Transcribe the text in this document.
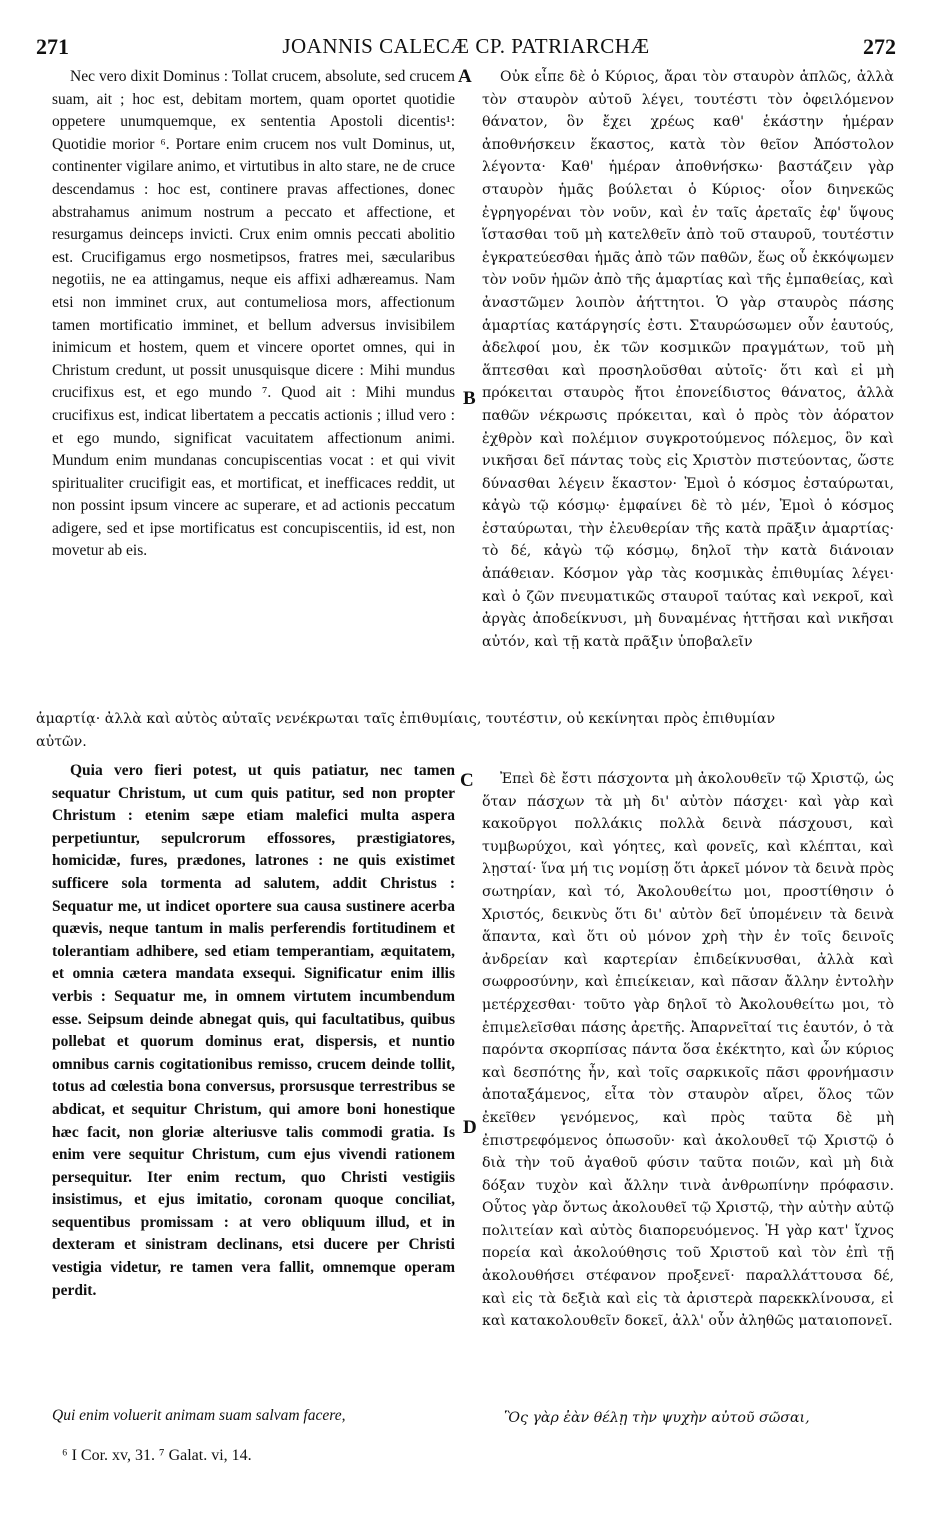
271	JOANNIS CALECÆ CP. PATRIARCHÆ	272

Nec vero dixit Dominus : Tollat crucem, absolute, sed crucem suam, ait ; hoc est, debitam mortem, quam oportet quotidie oppetere unumquemque, ex sententia Apostoli dicentis¹: Quotidie morior ⁶. Portare enim crucem nos vult Dominus, ut, continenter vigilare animo, et virtutibus in alto stare, ne de cruce descendamus : hoc est, continere pravas affectiones, donec abstrahamus animum nostrum a peccato et affectione, et resurgamus deinceps invicti. Crux enim omnis peccati abolitio est. Crucifigamus ergo nosmetipsos, fratres mei, sæcularibus negotiis, ne ea attingamus, neque eis affixi adhæreamus. Nam etsi non imminet crux, aut contumeliosa mors, affectionum tamen mortificatio imminet, et bellum adversus invisibilem inimicum et hostem, quem et vincere oportet omnes, qui in Christum credunt, ut possit unusquisque dicere : Mihi mundus crucifixus est, et ego mundo ⁷. Quod ait : Mihi mundus crucifixus est, indicat libertatem a peccatis actionis ; illud vero : et ego mundo, significat vacuitatem affectionum animi. Mundum enim mundanas concupiscentias vocat : et qui vivit spiritualiter crucifigit eas, et mortificat, et inefficaces reddit, ut non possint ipsum vincere ac superare, et ad actionis peccatum adigere, sed et ipse mortificatus est concupiscentiis, id est, non movetur ab eis.

Οὐκ εἶπε δὲ ὁ Κύριος, ἄραι τὸν σταυρὸν ἁπλῶς, ἀλλὰ τὸν σταυρὸν αὐτοῦ λέγει, τουτέστι τὸν ὀφειλόμενον θάνατον, ὃν ἔχει χρέως καθ' ἑκάστην ἡμέραν ἀποθνήσκειν ἕκαστος, κατὰ τὸν θεῖον Ἀπόστολον λέγοντα· Καθ' ἡμέραν ἀποθνήσκω· βαστάζειν γὰρ σταυρὸν ἡμᾶς βούλεται ὁ Κύριος· οἷον διηνεκῶς ἐγρηγορέναι τὸν νοῦν, καὶ ἐν ταῖς ἀρεταῖς ἐφ' ὕψους ἵστασθαι τοῦ μὴ κατελθεῖν ἀπὸ τοῦ σταυροῦ, τουτέστιν ἐγκρατεύεσθαι ἡμᾶς ἀπὸ τῶν παθῶν, ἕως οὗ ἐκκόψωμεν τὸν νοῦν ἡμῶν ἀπὸ τῆς ἁμαρτίας καὶ τῆς ἐμπαθείας, καὶ ἀναστῶμεν λοιπὸν ἀήττητοι. Ὁ γὰρ σταυρὸς πάσης ἁμαρτίας κατάργησίς ἐστι. Σταυρώσωμεν οὖν ἑαυτούς, ἀδελφοί μου, ἐκ τῶν κοσμικῶν πραγμάτων, τοῦ μὴ ἅπτεσθαι καὶ προσηλοῦσθαι αὐτοῖς· ὅτι καὶ εἰ μὴ πρόκειται σταυρὸς ἤτοι ἐπονείδιστος θάνατος, ἀλλὰ παθῶν νέκρωσις πρόκειται, καὶ ὁ πρὸς τὸν ἀόρατον ἐχθρὸν καὶ πολέμιον συγκροτούμενος πόλεμος, ὃν καὶ νικῆσαι δεῖ πάντας τοὺς εἰς Χριστὸν πιστεύοντας, ὥστε δύνασθαι λέγειν ἕκαστον· Ἐμοὶ ὁ κόσμος ἐσταύρωται, κἀγὼ τῷ κόσμῳ· ἐμφαίνει δὲ τὸ μέν, Ἐμοὶ ὁ κόσμος ἐσταύρωται, τὴν ἐλευθερίαν τῆς κατὰ πρᾶξιν ἁμαρτίας· τὸ δέ, κἀγὼ τῷ κόσμῳ, δηλοῖ τὴν κατὰ διάνοιαν ἀπάθειαν. Κόσμον γὰρ τὰς κοσμικὰς ἐπιθυμίας λέγει· καὶ ὁ ζῶν πνευματικῶς σταυροῖ ταύτας καὶ νεκροῖ, καὶ ἀργὰς ἀποδείκνυσι, μὴ δυναμένας ἡττῆσαι καὶ νικῆσαι αὐτόν, καὶ τῇ κατὰ πρᾶξιν ὑποβαλεῖν

A
B
C
D
ἁμαρτίᾳ· ἀλλὰ καὶ αὐτὸς αὐταῖς νενέκρωται ταῖς ἐπιθυμίαις, τουτέστιν, οὐ κεκίνηται πρὸς ἐπιθυμίαν
αὐτῶν.

Quia vero fieri potest, ut quis patiatur, nec tamen sequatur Christum, ut cum quis patitur, sed non propter Christum : etenim sæpe etiam malefici multa aspera perpetiuntur, sepulcrorum effossores, præstigiatores, homicidæ, fures, prædones, latrones : ne quis existimet sufficere sola tormenta ad salutem, addit Christus : Sequatur me, ut indicet oportere sua causa sustinere acerba quævis, neque tantum in malis perferendis fortitudinem et tolerantiam adhibere, sed etiam temperantiam, æquitatem, et omnia cætera mandata exsequi. Significatur enim illis verbis : Sequatur me, in omnem virtutem incumbendum esse. Seipsum deinde abnegat quis, qui facultatibus, quibus pollebat et quorum dominus erat, dispersis, et nuntio omnibus carnis cogitationibus remisso, crucem deinde tollit, totus ad cœlestia bona conversus, prorsusque terrestribus se abdicat, et sequitur Christum, qui amore boni honestique hæc facit, non gloriæ alteriusve talis commodi gratia. Is enim vere sequitur Christum, cum ejus vivendi rationem persequitur. Iter enim rectum, quo Christi vestigiis insistimus, et ejus imitatio, coronam quoque conciliat, sequentibus promissam : at vero obliquum illud, et in dexteram et sinistram declinans, etsi ducere per Christi vestigia videtur, re tamen vera fallit, omnemque operam perdit.

Qui enim voluerit animam suam salvam facere,

Ἐπεὶ δὲ ἔστι πάσχοντα μὴ ἀκολουθεῖν τῷ Χριστῷ, ὡς ὅταν πάσχων τὰ μὴ δι' αὐτὸν πάσχει· καὶ γὰρ καὶ κακοῦργοι πολλάκις πολλὰ δεινὰ πάσχουσι, καὶ τυμβωρύχοι, καὶ γόητες, καὶ φονεῖς, καὶ κλέπται, καὶ λῃσταί· ἵνα μή τις νομίσῃ ὅτι ἀρκεῖ μόνον τὰ δεινὰ πρὸς σωτηρίαν, καὶ τό, Ἀκολουθείτω μοι, προστίθησιν ὁ Χριστός, δεικνὺς ὅτι δι' αὐτὸν δεῖ ὑπομένειν τὰ δεινὰ ἅπαντα, καὶ ὅτι οὐ μόνον χρὴ τὴν ἐν τοῖς δεινοῖς ἀνδρείαν καὶ καρτερίαν ἐπιδείκνυσθαι, ἀλλὰ καὶ σωφροσύνην, καὶ ἐπιείκειαν, καὶ πᾶσαν ἄλλην ἐντολὴν μετέρχεσθαι· τοῦτο γὰρ δηλοῖ τὸ Ἀκολουθείτω μοι, τὸ ἐπιμελεῖσθαι πάσης ἀρετῆς. Ἀπαρνεῖταί τις ἑαυτόν, ὁ τὰ παρόντα σκορπίσας πάντα ὅσα ἐκέκτητο, καὶ ὧν κύριος καὶ δεσπότης ἦν, καὶ τοῖς σαρκικοῖς πᾶσι φρονήμασιν ἀποταξάμενος, εἶτα τὸν σταυρὸν αἴρει, ὅλος τῶν ἐκεῖθεν γενόμενος, καὶ πρὸς ταῦτα δὲ μὴ ἐπιστρεφόμενος ὁπωσοῦν· καὶ ἀκολουθεῖ τῷ Χριστῷ ὁ διὰ τὴν τοῦ ἀγαθοῦ φύσιν ταῦτα ποιῶν, καὶ μὴ διὰ δόξαν τυχὸν καὶ ἄλλην τινὰ ἀνθρωπίνην πρόφασιν. Οὗτος γὰρ ὄντως ἀκολουθεῖ τῷ Χριστῷ, τὴν αὐτὴν αὐτῷ πολιτείαν καὶ αὐτὸς διαπορευόμενος. Ἡ γὰρ κατ' ἴχνος πορεία καὶ ἀκολούθησις τοῦ Χριστοῦ καὶ τὸν ἐπὶ τῇ ἀκολουθήσει στέφανον προξενεῖ· παραλλάττουσα δέ, καὶ εἰς τὰ δεξιὰ καὶ εἰς τὰ ἀριστερὰ παρεκκλίνουσα, εἰ καὶ κατακολουθεῖν δοκεῖ, ἀλλ' οὖν ἀληθῶς ματαιοπονεῖ.

Ὃς γὰρ ἐὰν θέλῃ τὴν ψυχὴν αὐτοῦ σῶσαι,
⁶ I Cor. xv, 31. ⁷ Galat. vi, 14.
